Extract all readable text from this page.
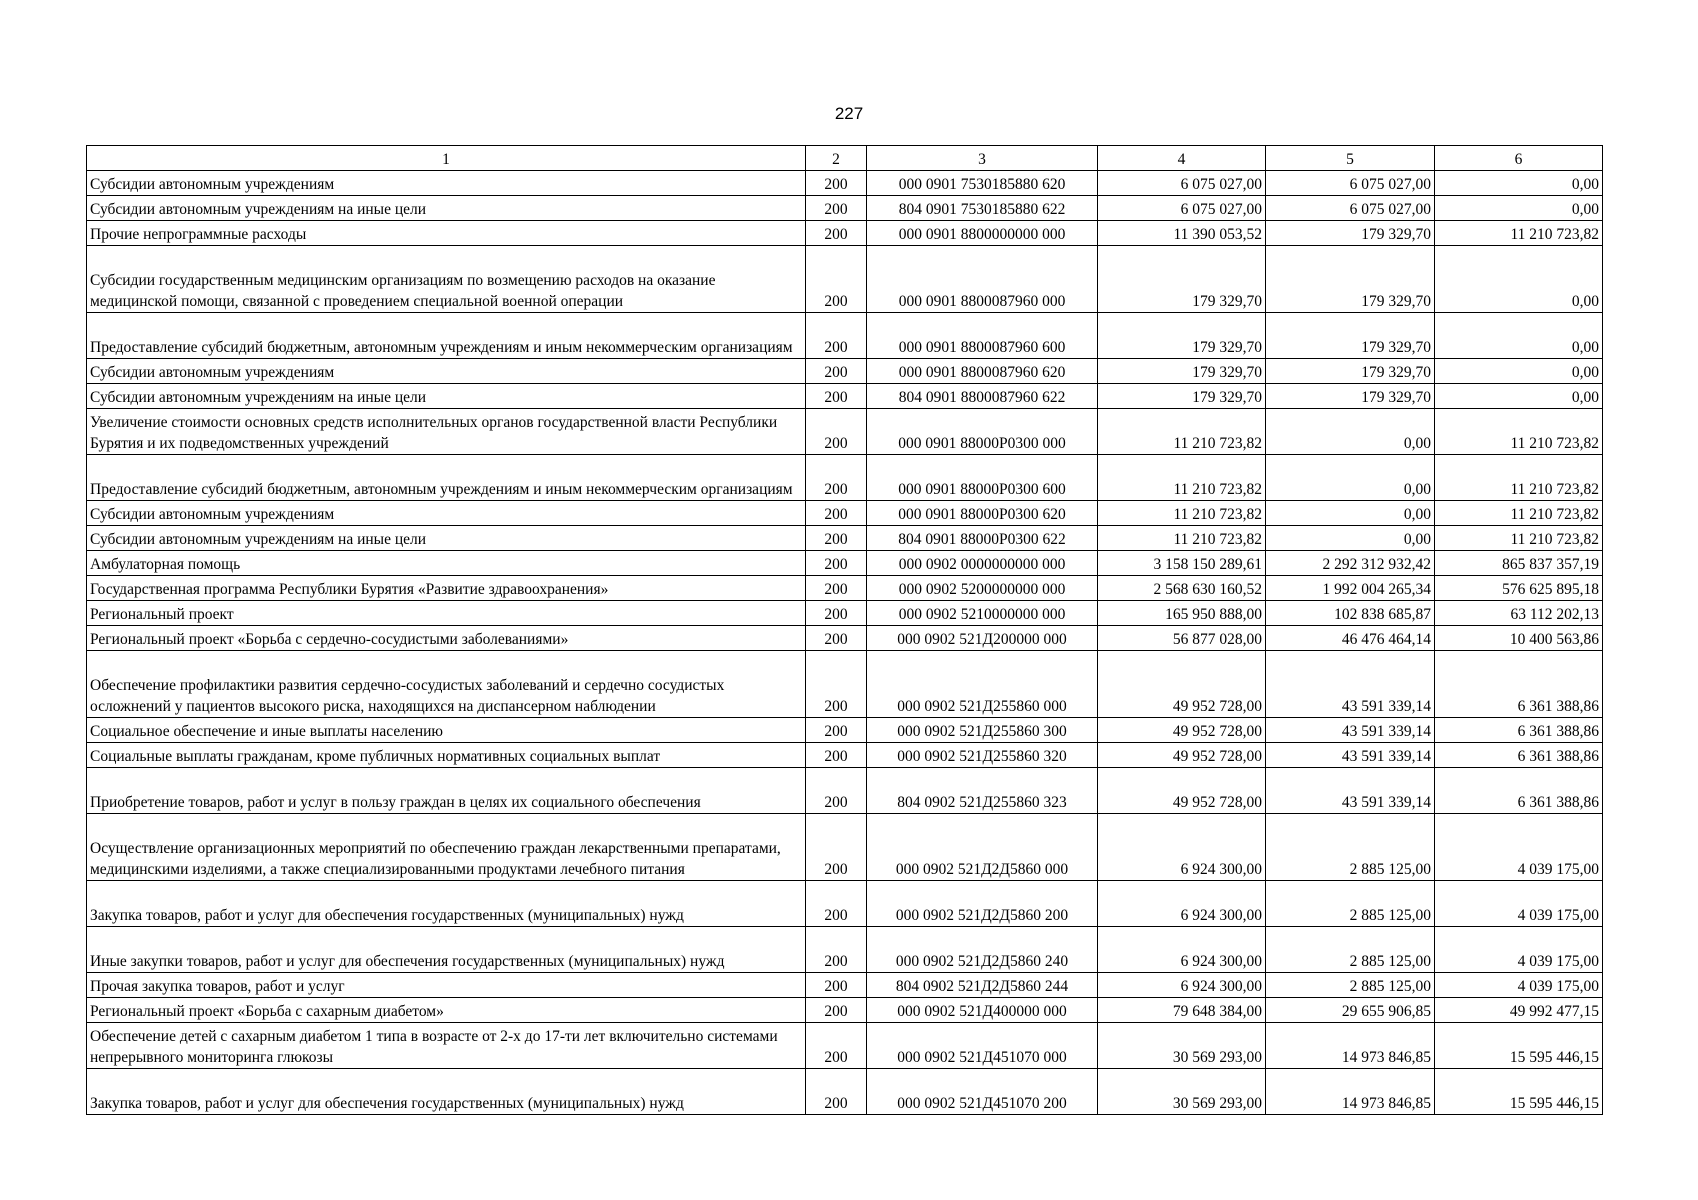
227
1	2	3	4	5	6
Субсидии автономным учреждениям	200	000 0901 7530185880 620	6 075 027,00	6 075 027,00	0,00
Субсидии автономным учреждениям на иные цели	200	804 0901 7530185880 622	6 075 027,00	6 075 027,00	0,00
Прочие непрограммные расходы	200	000 0901 8800000000 000	11 390 053,52	179 329,70	11 210 723,82
Субсидии государственным медицинским организациям по возмещению расходов на оказание медицинской помощи, связанной с проведением специальной военной операции	200	000 0901 8800087960 000	179 329,70	179 329,70	0,00
Предоставление субсидий бюджетным, автономным учреждениям и иным некоммерческим организациям	200	000 0901 8800087960 600	179 329,70	179 329,70	0,00
Субсидии автономным учреждениям	200	000 0901 8800087960 620	179 329,70	179 329,70	0,00
Субсидии автономным учреждениям на иные цели	200	804 0901 8800087960 622	179 329,70	179 329,70	0,00
Увеличение стоимости основных средств исполнительных органов государственной власти Республики Бурятия и их подведомственных учреждений	200	000 0901 88000P0300 000	11 210 723,82	0,00	11 210 723,82
Предоставление субсидий бюджетным, автономным учреждениям и иным некоммерческим организациям	200	000 0901 88000P0300 600	11 210 723,82	0,00	11 210 723,82
Субсидии автономным учреждениям	200	000 0901 88000P0300 620	11 210 723,82	0,00	11 210 723,82
Субсидии автономным учреждениям на иные цели	200	804 0901 88000P0300 622	11 210 723,82	0,00	11 210 723,82
Амбулаторная помощь	200	000 0902 0000000000 000	3 158 150 289,61	2 292 312 932,42	865 837 357,19
Государственная программа Республики Бурятия «Развитие здравоохранения»	200	000 0902 5200000000 000	2 568 630 160,52	1 992 004 265,34	576 625 895,18
Региональный проект	200	000 0902 5210000000 000	165 950 888,00	102 838 685,87	63 112 202,13
Региональный проект «Борьба с сердечно-сосудистыми заболеваниями»	200	000 0902 521Д200000 000	56 877 028,00	46 476 464,14	10 400 563,86
Обеспечение профилактики развития сердечно-сосудистых заболеваний и сердечно сосудистых осложнений у пациентов высокого риска, находящихся на диспансерном наблюдении	200	000 0902 521Д255860 000	49 952 728,00	43 591 339,14	6 361 388,86
Социальное обеспечение и иные выплаты населению	200	000 0902 521Д255860 300	49 952 728,00	43 591 339,14	6 361 388,86
Социальные выплаты гражданам, кроме публичных нормативных социальных выплат	200	000 0902 521Д255860 320	49 952 728,00	43 591 339,14	6 361 388,86
Приобретение товаров, работ и услуг в пользу граждан в целях их социального обеспечения	200	804 0902 521Д255860 323	49 952 728,00	43 591 339,14	6 361 388,86
Осуществление организационных мероприятий по обеспечению граждан лекарственными препаратами, медицинскими изделиями, а также специализированными продуктами лечебного питания	200	000 0902 521Д2Д5860 000	6 924 300,00	2 885 125,00	4 039 175,00
Закупка товаров, работ и услуг для обеспечения государственных (муниципальных) нужд	200	000 0902 521Д2Д5860 200	6 924 300,00	2 885 125,00	4 039 175,00
Иные закупки товаров, работ и услуг для обеспечения государственных (муниципальных) нужд	200	000 0902 521Д2Д5860 240	6 924 300,00	2 885 125,00	4 039 175,00
Прочая закупка товаров, работ и услуг	200	804 0902 521Д2Д5860 244	6 924 300,00	2 885 125,00	4 039 175,00
Региональный проект «Борьба с сахарным диабетом»	200	000 0902 521Д400000 000	79 648 384,00	29 655 906,85	49 992 477,15
Обеспечение детей с сахарным диабетом 1 типа в возрасте от 2-х до 17-ти лет включительно системами непрерывного мониторинга глюкозы	200	000 0902 521Д451070 000	30 569 293,00	14 973 846,85	15 595 446,15
Закупка товаров, работ и услуг для обеспечения государственных (муниципальных) нужд	200	000 0902 521Д451070 200	30 569 293,00	14 973 846,85	15 595 446,15
